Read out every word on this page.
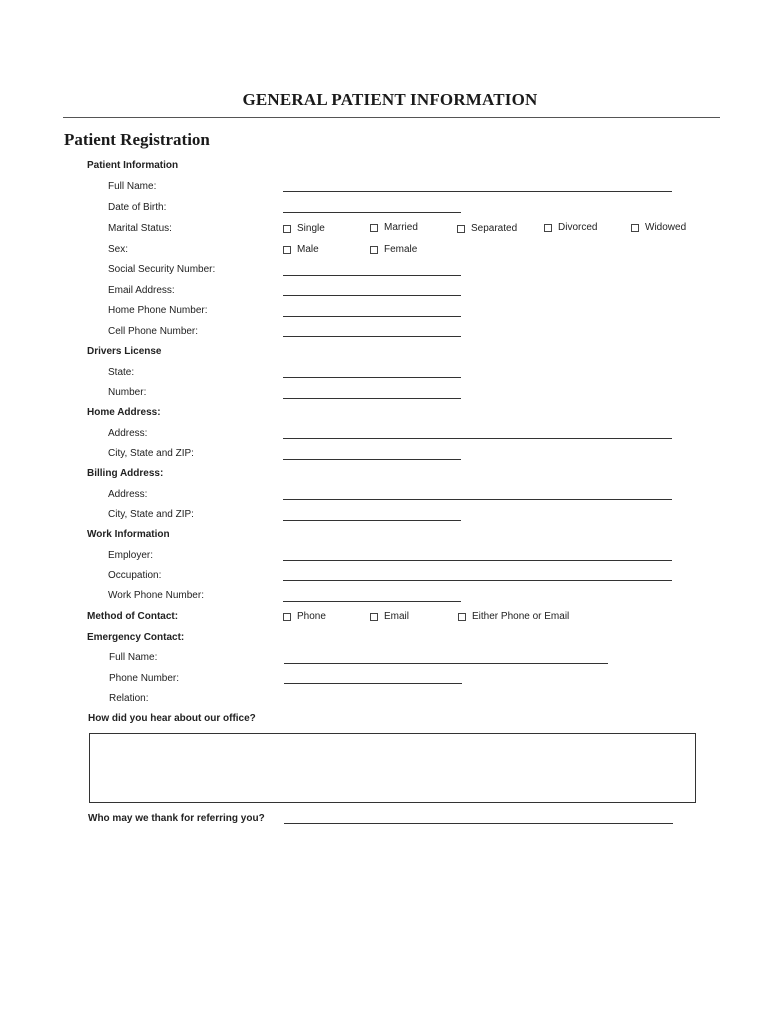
GENERAL PATIENT INFORMATION
Patient Registration
Patient Information
Full Name:
Date of Birth:
Marital Status:	Single	Married	Separated	Divorced	Widowed
Sex:	Male	Female
Social Security Number:
Email Address:
Home Phone Number:
Cell Phone Number:
Drivers License
State:
Number:
Home Address:
Address:
City, State and ZIP:
Billing Address:
Address:
City, State and ZIP:
Work Information
Employer:
Occupation:
Work Phone Number:
Method of Contact:	Phone	Email	Either Phone or Email
Emergency Contact:
Full Name:
Phone Number:
Relation:
How did you hear about our office?
Who may we thank for referring you?
